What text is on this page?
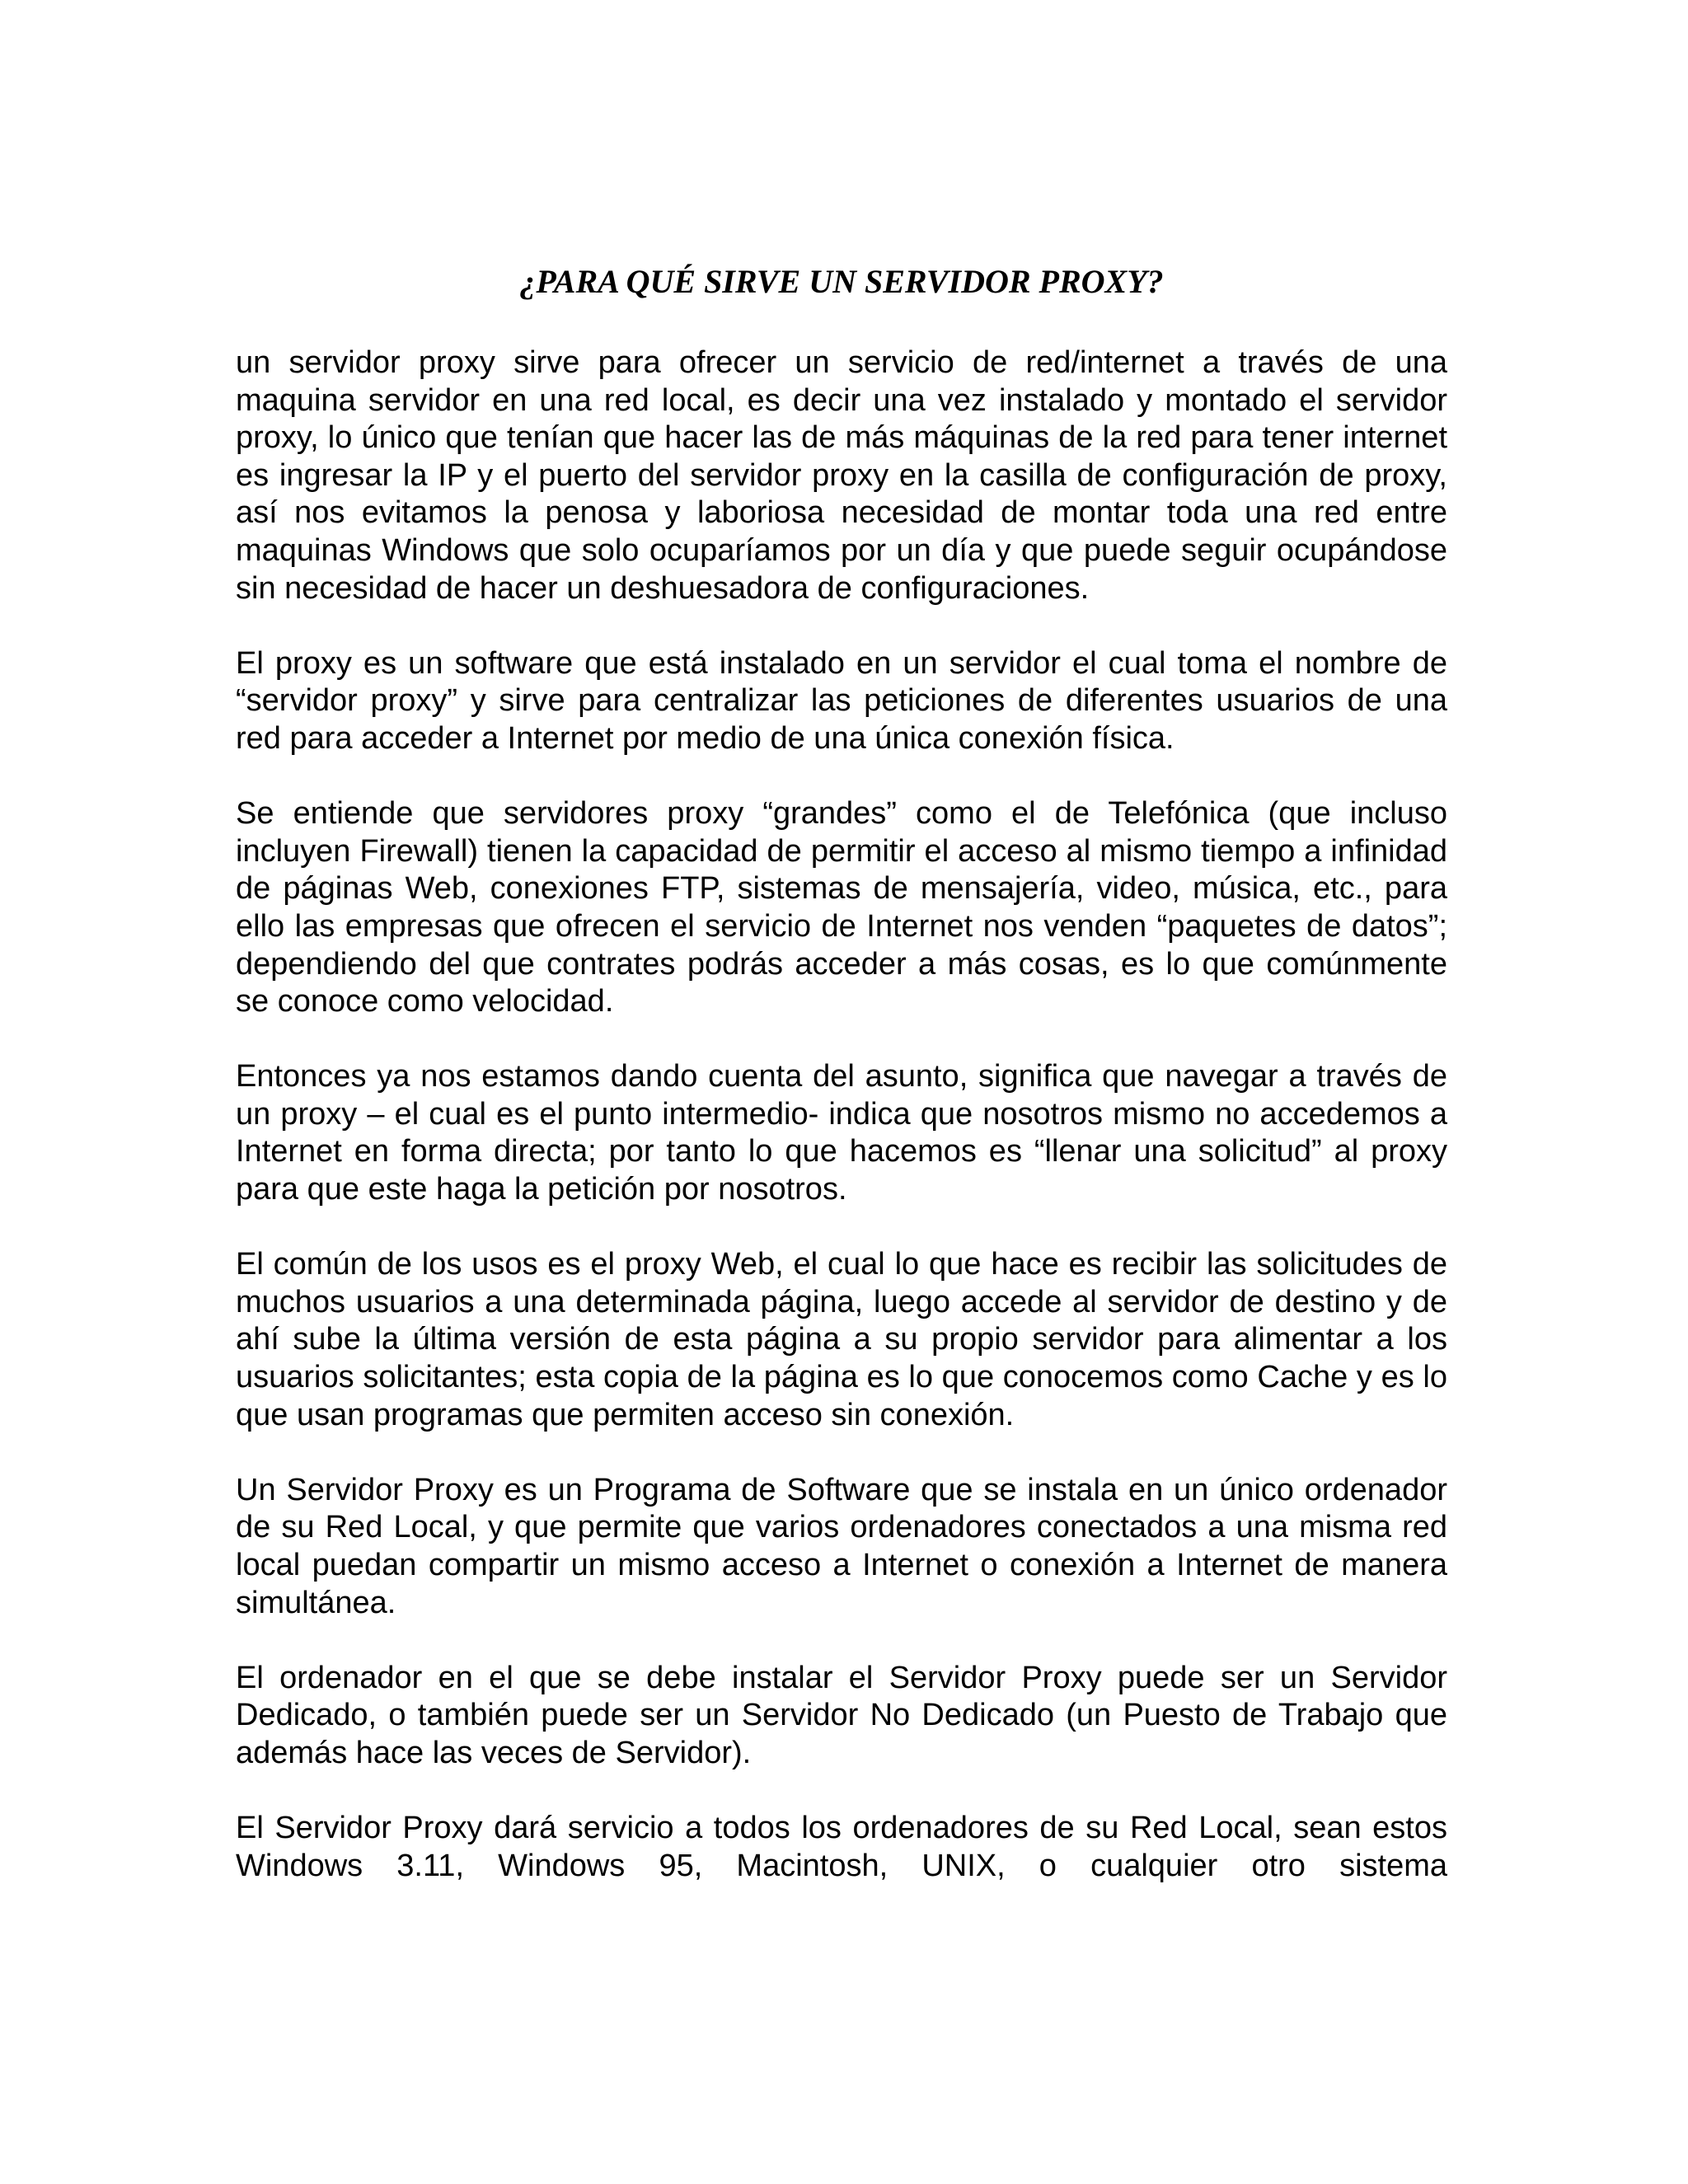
¿PARA QUÉ SIRVE UN SERVIDOR PROXY?

un servidor proxy sirve para ofrecer un servicio de red/internet a través de una maquina servidor en una red local, es decir una vez instalado y montado el servidor proxy, lo único que tenían que hacer las de más máquinas de la red para tener internet es ingresar la IP y el puerto del servidor proxy en la casilla de configuración de proxy, así nos evitamos la penosa y laboriosa necesidad de montar toda una red entre maquinas Windows que solo ocuparíamos por un día y que puede seguir ocupándose sin necesidad de hacer un deshuesadora de configuraciones.

El proxy es un software que está instalado en un servidor el cual toma el nombre de “servidor proxy” y sirve para centralizar las peticiones de diferentes usuarios de una red para acceder a Internet por medio de una única conexión física.

Se entiende que servidores proxy “grandes” como el de Telefónica (que incluso incluyen Firewall) tienen la capacidad de permitir el acceso al mismo tiempo a infinidad de páginas Web, conexiones FTP, sistemas de mensajería, video, música, etc., para ello las empresas que ofrecen el servicio de Internet nos venden “paquetes de datos”; dependiendo del que contrates podrás acceder a más cosas, es lo que comúnmente se conoce como velocidad.

Entonces ya nos estamos dando cuenta del asunto, significa que navegar a través de un proxy – el cual es el punto intermedio- indica que nosotros mismo no accedemos a Internet en forma directa; por tanto lo que hacemos es “llenar una solicitud” al proxy para que este haga la petición por nosotros.

El común de los usos es el proxy Web, el cual lo que hace es recibir las solicitudes de muchos usuarios a una determinada página, luego accede al servidor de destino y de ahí sube la última versión de esta página a su propio servidor para alimentar a los usuarios solicitantes; esta copia de la página es lo que conocemos como Cache y es lo que usan programas que permiten acceso sin conexión.

Un Servidor Proxy es un Programa de Software que se instala en un único ordenador de su Red Local, y que permite que varios ordenadores conectados a una misma red local puedan compartir un mismo acceso a Internet o conexión a Internet de manera simultánea.

El ordenador en el que se debe instalar el Servidor Proxy puede ser un Servidor Dedicado, o también puede ser un Servidor No Dedicado (un Puesto de Trabajo que además hace las veces de Servidor).

El Servidor Proxy dará servicio a todos los ordenadores de su Red Local, sean estos Windows 3.11, Windows 95, Macintosh, UNIX, o cualquier otro sistema
